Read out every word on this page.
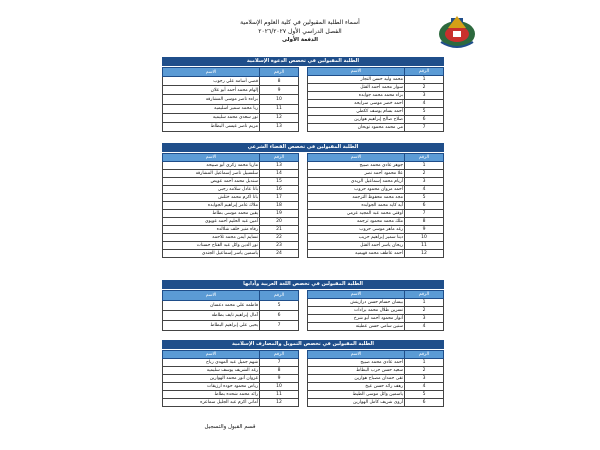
أسماء الطلبة المقبولين في كلية العلوم الإسلامية
الفصل الدراسي الأول ٢٠٢٦/٢٠٢٧
الدفعة الأولى
الطلبة المقبولين في تخصص الدعوة الإسلامية
الرقم	الاسم
1	محمد وليد حسن النجار
2	سوار محمد أحمد الفتل
3	براء محمد محمد جوابده
4	أحمد خضر موسى سرايحه
5	أحمد بسام يوسف ككطي
6	صلاح صالح إبراهيم هوارين
7	مي محمد محمود نوبحان
الرقم	الاسم
8	قصي أسامه علي رجوب
9	إلهام محمد أحمد أبو علان
10	براءه ناصر موسى المشارقه
11	ربا محمد سمير اسليميه
12	نور سعدي محمد سليميه
13	مريم ناصر عيسى البطاط
الطلبة المقبولين في تخصص القضاء الشرعي
الرقم	الاسم
1	جوهر عادي محمد صبيح
2	علا محمود أحمد نصر
3	أريام محمد إسماعيل الزيدي
4	أحمد مروان محمود حروب
5	مجد محمد محفوظ الترجمه
6	آيه كايد محمد الجوابده
7	أوقتي محمد عبد المجيد عزمي
8	ملك محمد محمود ترجمه
9	رغد ماهر موسى حروب
10	دينا سمير إبراهيم حريب
11	ريحان ياسر أحمد الفتل
12	أحمد عاطف محمد قهيميه
الرقم	الاسم
13	ماريا محمد زكري أبو صبيحه
14	سلسبيل ناصر إسماعيل المشارقه
15	سندبل محمد أحمد عويض
16	بانا عادل سلامه رجبي
17	بانا اكرم محمد ختلش
18	ملاك عامر إبراهيم الجوابده
19	يقين محمد موسى بطاط
20	أمين عبد الحليم أحمد عويوي
21	رفاه منير خلف شلالده
22	نسايم أيمن محمد تلاحمه
23	نور الدين وائل عبد الفتاح حسنات
24	ياسمين ياسر إسماعيل الجندي
الطلبة المقبولين في تخصص اللغة العربية وآدابها
الرقم	الاسم
1	بيسان حسام حسن درازينش
2	نسرين طلال محمد برادات
3	أنوار محمود أحمد أبو شرخ
4	سنين سامي حسن عطيته
الرقم	الاسم
5	فاطمه علي محمد دعسان
6	آمال إبراهيم نايف بطاطه
7	يحيى علي إبراهيم البطاط
الطلبة المقبولين في تخصص التمويل والمصارف الإسلامية
الرقم	الاسم
1	أحمد عادي محمد صبيح
2	سعيد حسن حرب البطاط
3	تقى حمدان مصباح هوارين
4	رهف رائد حسن عيخ
5	ياسمين وائل موسى الطيط
6	أروى شريف كامل الهوارين
الرقم	الاسم
7	شهم جميل عبد المهدي رباح
8	رغد الشريف يوسف سليميه
9	غزوان أنور محمد الهوارين
10	رياض محمود حوده ارزيقات
11	رائد محمد شحده بطاط
12	أماني اكرم عبد الجليل سماعره
قسم القبول والتسجيل
